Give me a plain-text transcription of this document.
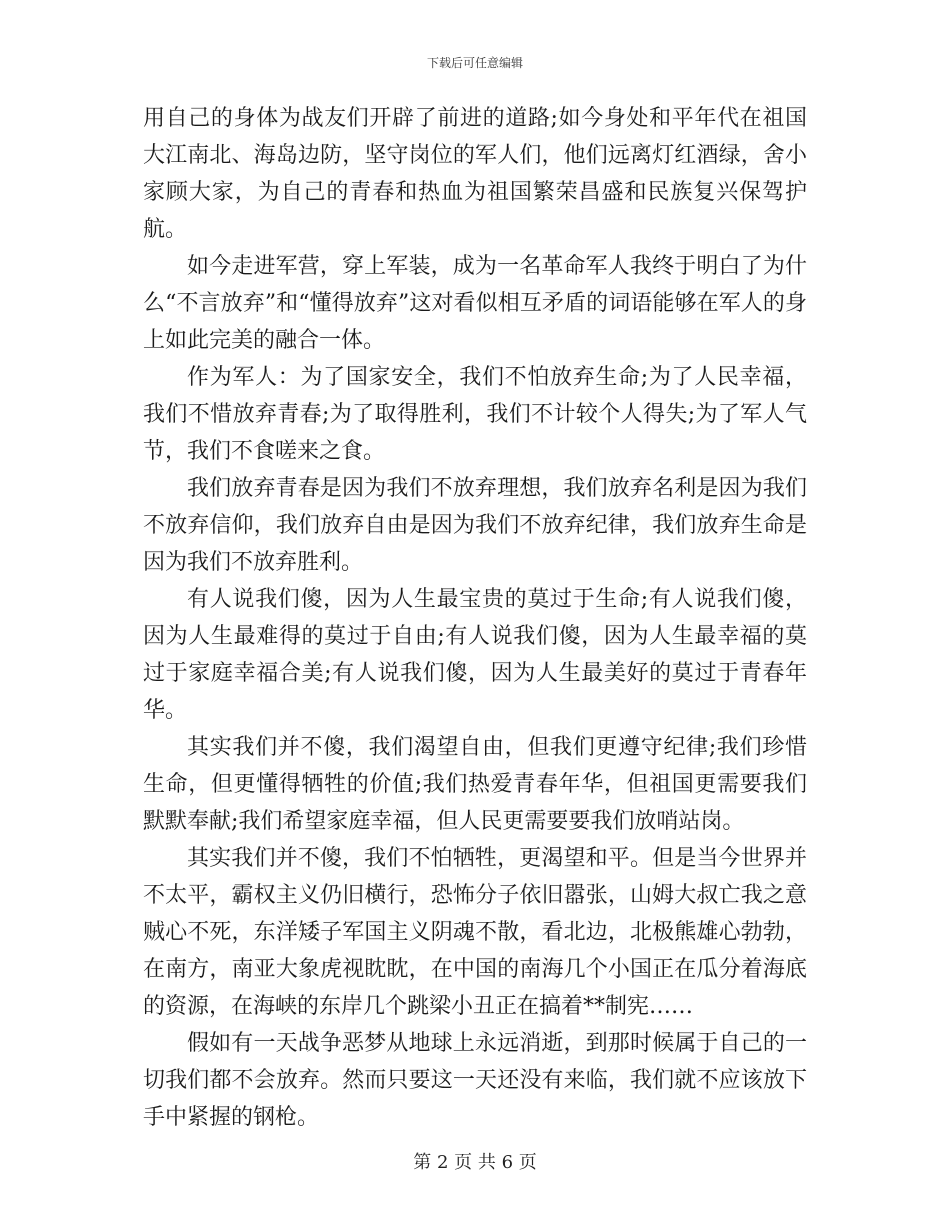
下载后可任意编辑

用自己的身体为战友们开辟了前进的道路;如今身处和平年代在祖国大江南北、海岛边防，坚守岗位的军人们，他们远离灯红酒绿，舍小家顾大家，为自己的青春和热血为祖国繁荣昌盛和民族复兴保驾护航。

如今走进军营，穿上军装，成为一名革命军人我终于明白了为什么“不言放弃”和“懂得放弃”这对看似相互矛盾的词语能够在军人的身上如此完美的融合一体。

作为军人：为了国家安全，我们不怕放弃生命;为了人民幸福，我们不惜放弃青春;为了取得胜利，我们不计较个人得失;为了军人气节，我们不食嗟来之食。

我们放弃青春是因为我们不放弃理想，我们放弃名利是因为我们不放弃信仰，我们放弃自由是因为我们不放弃纪律，我们放弃生命是因为我们不放弃胜利。

有人说我们傻，因为人生最宝贵的莫过于生命;有人说我们傻，因为人生最难得的莫过于自由;有人说我们傻，因为人生最幸福的莫过于家庭幸福合美;有人说我们傻，因为人生最美好的莫过于青春年华。

其实我们并不傻，我们渴望自由，但我们更遵守纪律;我们珍惜生命，但更懂得牺牲的价值;我们热爱青春年华，但祖国更需要我们默默奉献;我们希望家庭幸福，但人民更需要要我们放哨站岗。

其实我们并不傻，我们不怕牺牲，更渴望和平。但是当今世界并不太平，霸权主义仍旧横行，恐怖分子依旧嚣张，山姆大叔亡我之意贼心不死，东洋矮子军国主义阴魂不散，看北边，北极熊雄心勃勃，在南方，南亚大象虎视眈眈，在中国的南海几个小国正在瓜分着海底的资源，在海峡的东岸几个跳梁小丑正在搞着**制宪……

假如有一天战争恶梦从地球上永远消逝，到那时候属于自己的一切我们都不会放弃。然而只要这一天还没有来临，我们就不应该放下手中紧握的钢枪。

第 2 页 共 6 页
